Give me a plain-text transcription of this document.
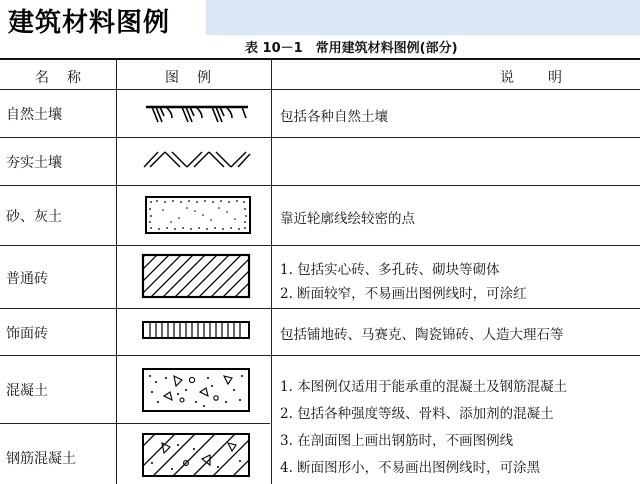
建筑材料图例
表 10－1　常用建筑材料图例(部分)
名　称	图　例	说　　明
自然土壤
夯实土壤
砂、灰土
普通砖
饰面砖
混凝土
钢筋混凝土
包括各种自然土壤
靠近轮廓线绘较密的点
1. 包括实心砖、多孔砖、砌块等砌体
2. 断面较窄，不易画出图例线时，可涂红
包括铺地砖、马赛克、陶瓷锦砖、人造大理石等
1. 本图例仅适用于能承重的混凝土及钢筋混凝土
2. 包括各种强度等级、骨料、添加剂的混凝土
3. 在剖面图上画出钢筋时，不画图例线
4. 断面图形小，不易画出图例线时，可涂黑
